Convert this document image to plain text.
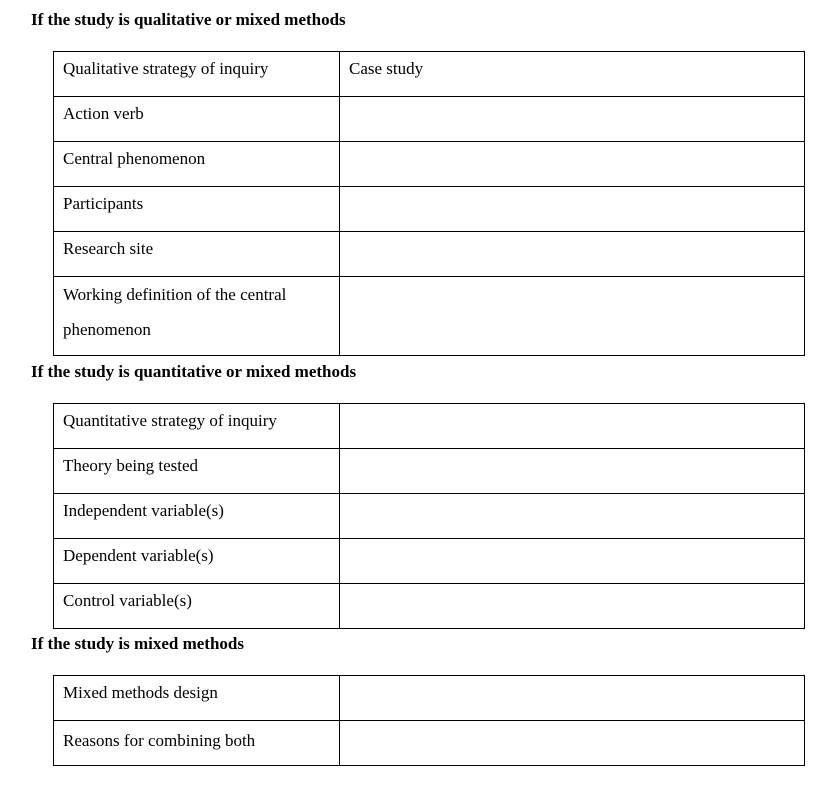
If the study is qualitative or mixed methods
Qualitative strategy of inquiry	Case study

Action verb	

Central phenomenon	

Participants	

Research site	

Working definition of the central phenomenon	

If the study is quantitative or mixed methods
Quantitative strategy of inquiry	

Theory being tested	

Independent variable(s)	

Dependent variable(s)	

Control variable(s)	

If the study is mixed methods
Mixed methods design	

Reasons for combining both	
